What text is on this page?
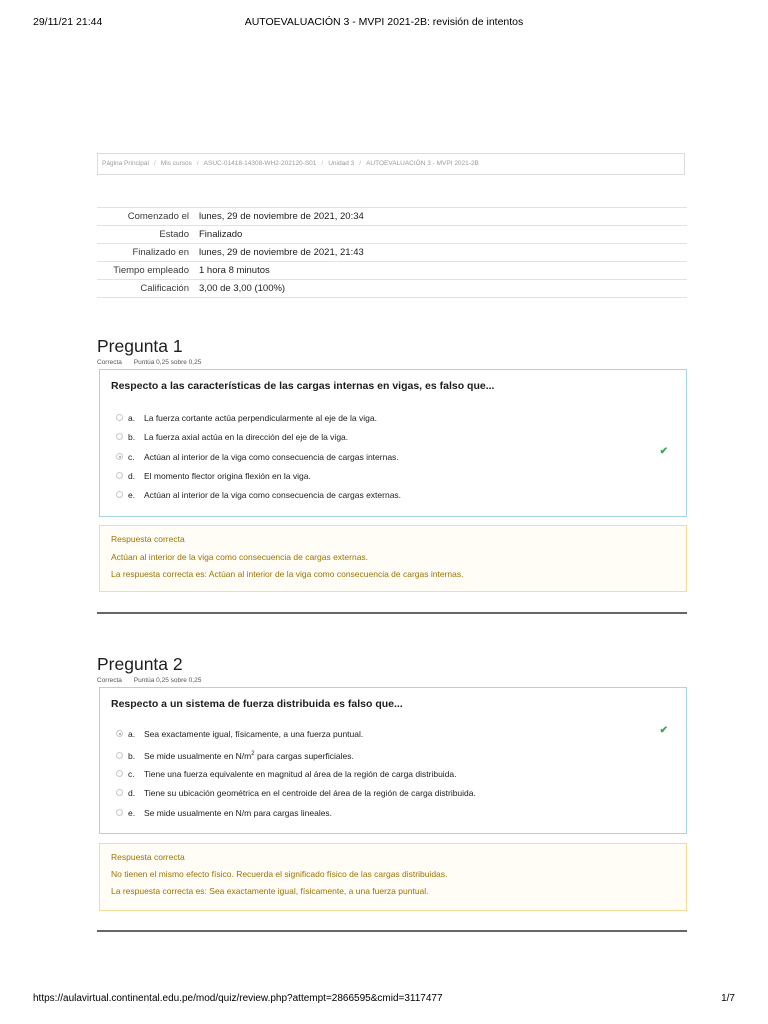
29/11/21 21:44	AUTOEVALUACIÓN 3 - MVPI 2021-2B: revisión de intentos
Página Principal / Mis cursos / ASUC-01418-14308-WH2-202120-S01 / Unidad 3 / AUTOEVALUACIÓN 3 - MVPI 2021-2B
Comenzado el	lunes, 29 de noviembre de 2021, 20:34
Estado	Finalizado
Finalizado en	lunes, 29 de noviembre de 2021, 21:43
Tiempo empleado	1 hora 8 minutos
Calificación	3,00 de 3,00 (100%)
Pregunta 1
Correcta Puntúa 0,25 sobre 0,25
Respecto a las características de las cargas internas en vigas, es falso que...
a. La fuerza cortante actúa perpendicularmente al eje de la viga.
b. La fuerza axial actúa en la dirección del eje de la viga.
c. Actúan al interior de la viga como consecuencia de cargas internas.
d. El momento flector origina flexión en la viga.
e. Actúan al interior de la viga como consecuencia de cargas externas.
✔
Respuesta correcta
Actúan al interior de la viga como consecuencia de cargas externas.
La respuesta correcta es: Actúan al interior de la viga como consecuencia de cargas internas.
Pregunta 2
Correcta Puntúa 0,25 sobre 0,25
Respecto a un sistema de fuerza distribuida es falso que...
a. Sea exactamente igual, físicamente, a una fuerza puntual.
b. Se mide usualmente en $N/m^2$ para cargas superficiales.
c. Tiene una fuerza equivalente en magnitud al área de la región de carga distribuida.
d. Tiene su ubicación geométrica en el centroide del área de la región de carga distribuida.
e. Se mide usualmente en N/m para cargas lineales.
✔
Respuesta correcta
No tienen el mismo efecto físico. Recuerda el significado físico de las cargas distribuidas.
La respuesta correcta es: Sea exactamente igual, físicamente, a una fuerza puntual.
https://aulavirtual.continental.edu.pe/mod/quiz/review.php?attempt=2866595&cmid=3117477	1/7
